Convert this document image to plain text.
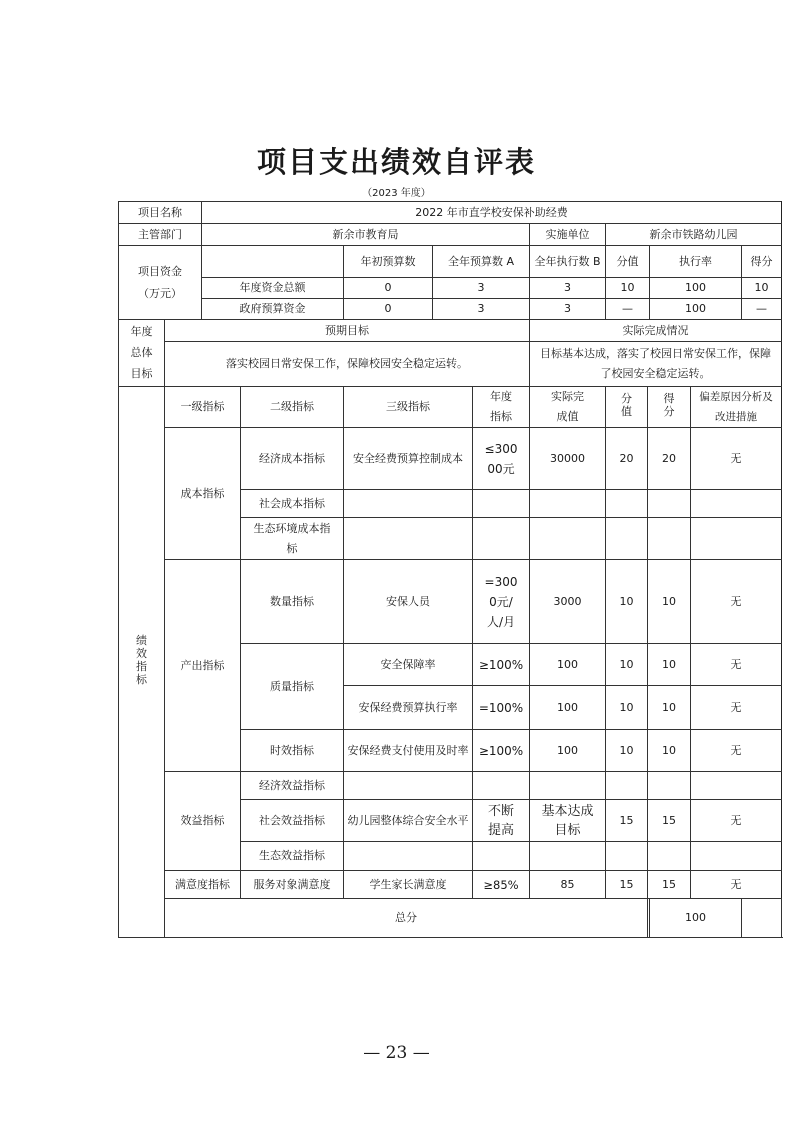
项目支出绩效自评表
（2023 年度）
项目名称		2022 年市直学校安保补助经费										
主管部门		新余市教育局					实施单位	新余市铁路幼儿园				

项目资金
（万元）				年初预算数	全年预算数 A		全年执行数 B	分值		执行率		得分
		年度资金总额		0	3		3	10		100		10
		政府预算资金		0	3		3	—		100		—
年度总体目标	预期目标						实际完成情况					
	落实校园日常安保工作，保障校园安全稳定运转。						目标基本达成，落实了校园日常安保工作，保障了校园安全稳定运转。					
绩效指标	一级指标		二级指标	三级指标		年度指标	实际完成值	分值	得分		偏差原因分析及改进措施	
	成本指标		经济成本指标	安全经费预算控制成本		≤30000元	30000	20	20		无	
			社会成本指标									
			生态环境成本指标									
	产出指标		数量指标	安保人员		=3000元/人/月	3000	10	10		无	
			质量指标	安全保障率		≥100%	100	10	10		无	
				安保经费预算执行率		=100%	100	10	10		无	
			时效指标	安保经费支付使用及时率		≥100%	100	10	10		无	
	效益指标		经济效益指标									
			社会效益指标	幼儿园整体综合安全水平		不断提高	基本达成目标	15	15		无	
			生态效益指标									
	满意度指标		服务对象满意度	学生家长满意度		≥85%	85	15	15		无	
	总分									100		
— 23 —
